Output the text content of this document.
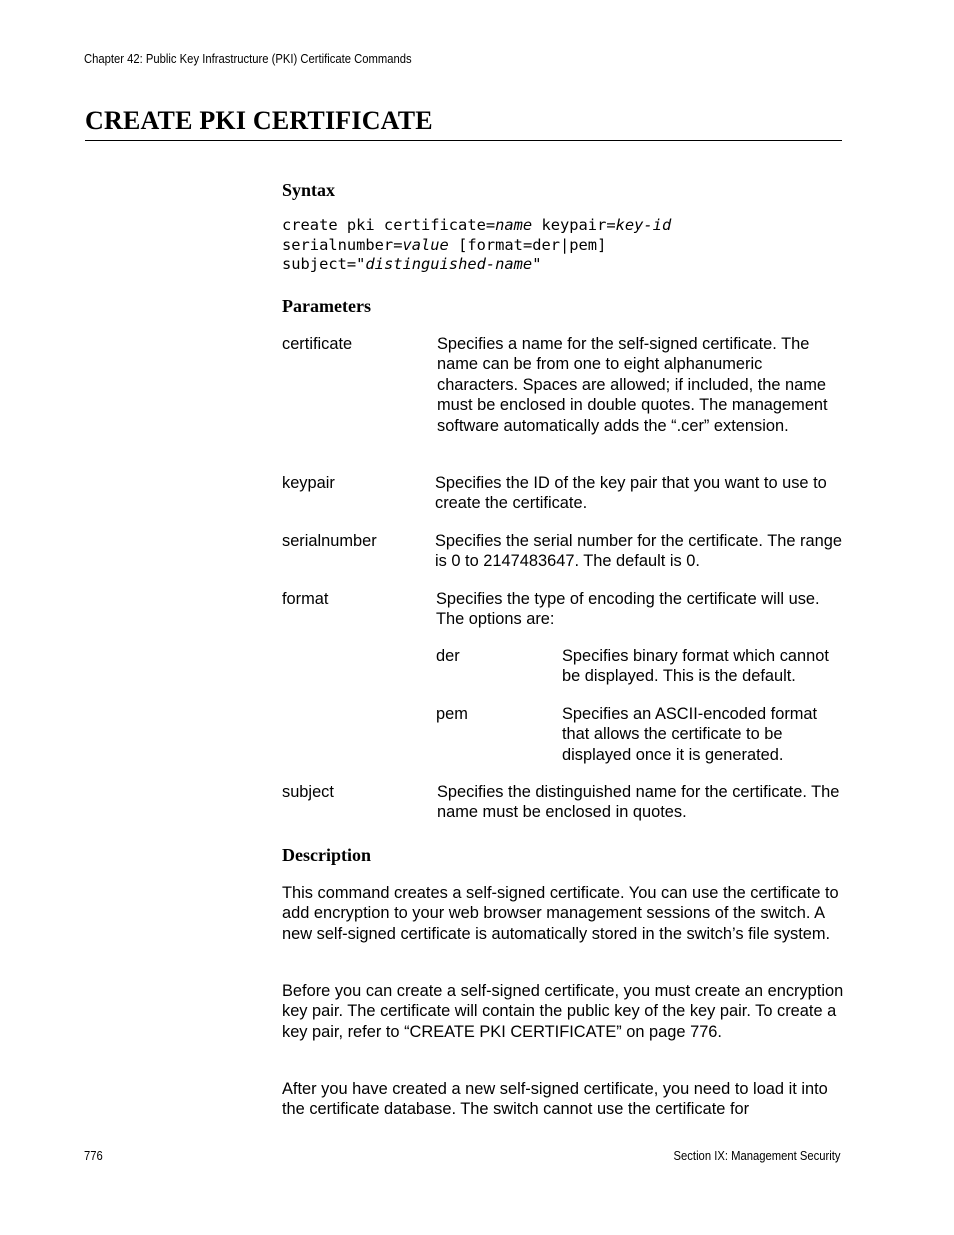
Chapter 42: Public Key Infrastructure (PKI) Certificate Commands
CREATE PKI CERTIFICATE
Syntax
create pki certificate=name keypair=key-id
serialnumber=value [format=der|pem]
subject="distinguished-name"
Parameters
certificate	Specifies a name for the self-signed certificate. The name can be from one to eight alphanumeric characters. Spaces are allowed; if included, the name must be enclosed in double quotes. The management software automatically adds the “.cer” extension.
keypair	Specifies the ID of the key pair that you want to use to create the certificate.
serialnumber	Specifies the serial number for the certificate. The range is 0 to 2147483647. The default is 0.
format	Specifies the type of encoding the certificate will use. The options are:
der	Specifies binary format which cannot be displayed. This is the default.
pem	Specifies an ASCII-encoded format that allows the certificate to be displayed once it is generated.
subject	Specifies the distinguished name for the certificate. The name must be enclosed in quotes.
Description

This command creates a self-signed certificate. You can use the certificate to add encryption to your web browser management sessions of the switch. A new self-signed certificate is automatically stored in the switch’s file system.

Before you can create a self-signed certificate, you must create an encryption key pair. The certificate will contain the public key of the key pair. To create a key pair, refer to “CREATE PKI CERTIFICATE” on page 776.

After you have created a new self-signed certificate, you need to load it into the certificate database. The switch cannot use the certificate for

776	Section IX: Management Security
